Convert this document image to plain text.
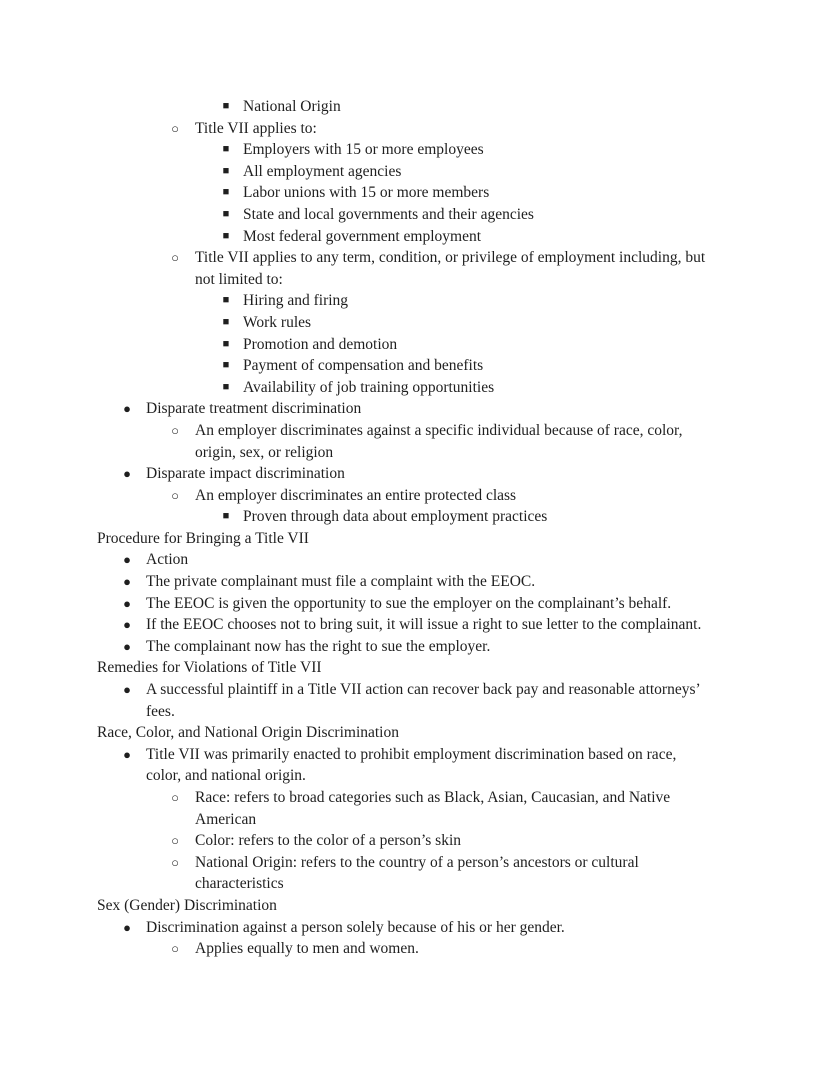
■ National Origin
○ Title VII applies to:
■ Employers with 15 or more employees
■ All employment agencies
■ Labor unions with 15 or more members
■ State and local governments and their agencies
■ Most federal government employment
○ Title VII applies to any term, condition, or privilege of employment including, but
not limited to:
■ Hiring and firing
■ Work rules
■ Promotion and demotion
■ Payment of compensation and benefits
■ Availability of job training opportunities
● Disparate treatment discrimination
○ An employer discriminates against a specific individual because of race, color,
origin, sex, or religion
● Disparate impact discrimination
○ An employer discriminates an entire protected class
■ Proven through data about employment practices
Procedure for Bringing a Title VII
● Action
● The private complainant must file a complaint with the EEOC.
● The EEOC is given the opportunity to sue the employer on the complainant’s behalf.
● If the EEOC chooses not to bring suit, it will issue a right to sue letter to the complainant.
● The complainant now has the right to sue the employer.
Remedies for Violations of Title VII
● A successful plaintiff in a Title VII action can recover back pay and reasonable attorneys’
fees.
Race, Color, and National Origin Discrimination
● Title VII was primarily enacted to prohibit employment discrimination based on race,
color, and national origin.
○ Race: refers to broad categories such as Black, Asian, Caucasian, and Native
American
○ Color: refers to the color of a person’s skin
○ National Origin: refers to the country of a person’s ancestors or cultural
characteristics
Sex (Gender) Discrimination
● Discrimination against a person solely because of his or her gender.
○ Applies equally to men and women.
